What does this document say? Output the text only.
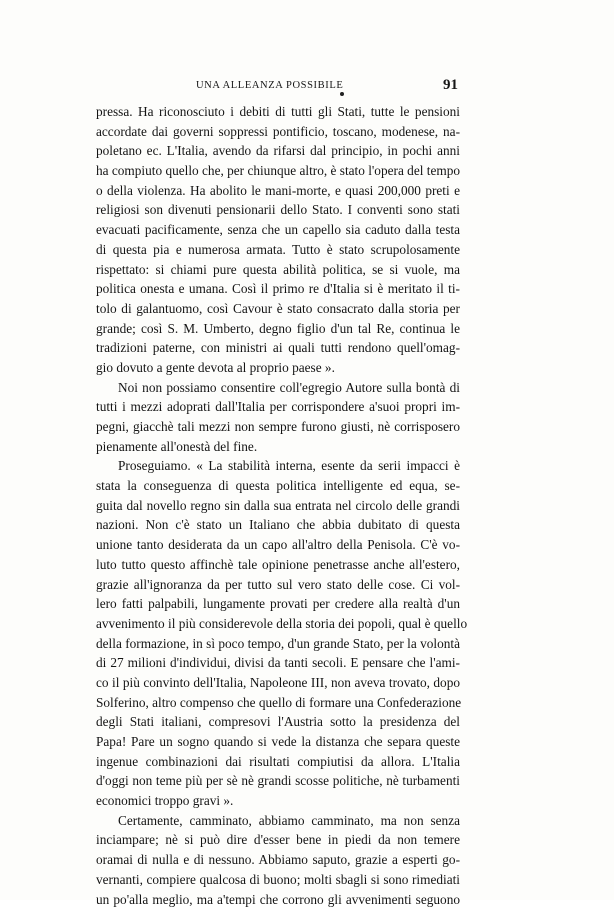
UNA ALLEANZA POSSIBILE	91
pressa. Ha riconosciuto i debiti di tutti gli Stati, tutte le pensioni
accordate dai governi soppressi pontificio, toscano, modenese, na-
poletano ec. L'Italia, avendo da rifarsi dal principio, in pochi anni
ha compiuto quello che, per chiunque altro, è stato l'opera del tempo
o della violenza. Ha abolito le mani-morte, e quasi 200,000 preti e
religiosi son divenuti pensionarii dello Stato. I conventi sono stati
evacuati pacificamente, senza che un capello sia caduto dalla testa
di questa pia e numerosa armata. Tutto è stato scrupolosamente
rispettato: si chiami pure questa abilità politica, se si vuole, ma
politica onesta e umana. Così il primo re d'Italia si è meritato il ti-
tolo di galantuomo, così Cavour è stato consacrato dalla storia per
grande; così S. M. Umberto, degno figlio d'un tal Re, continua le
tradizioni paterne, con ministri ai quali tutti rendono quell'omag-
gio dovuto a gente devota al proprio paese ».
Noi non possiamo consentire coll'egregio Autore sulla bontà di
tutti i mezzi adoprati dall'Italia per corrispondere a'suoi propri im-
pegni, giacchè tali mezzi non sempre furono giusti, nè corrisposero
pienamente all'onestà del fine.
Proseguiamo. « La stabilità interna, esente da serii impacci è
stata la conseguenza di questa politica intelligente ed equa, se-
guita dal novello regno sin dalla sua entrata nel circolo delle grandi
nazioni. Non c'è stato un Italiano che abbia dubitato di questa
unione tanto desiderata da un capo all'altro della Penisola. C'è vo-
luto tutto questo affinchè tale opinione penetrasse anche all'estero,
grazie all'ignoranza da per tutto sul vero stato delle cose. Ci vol-
lero fatti palpabili, lungamente provati per credere alla realtà d'un
avvenimento il più considerevole della storia dei popoli, qual è quello
della formazione, in sì poco tempo, d'un grande Stato, per la volontà
di 27 milioni d'individui, divisi da tanti secoli. E pensare che l'ami-
co il più convinto dell'Italia, Napoleone III, non aveva trovato, dopo
Solferino, altro compenso che quello di formare una Confederazione
degli Stati italiani, compresovi l'Austria sotto la presidenza del
Papa! Pare un sogno quando si vede la distanza che separa queste
ingenue combinazioni dai risultati compiutisi da allora. L'Italia
d'oggi non teme più per sè nè grandi scosse politiche, nè turbamenti
economici troppo gravi ».
Certamente, camminato, abbiamo camminato, ma non senza
inciampare; nè si può dire d'esser bene in piedi da non temere
oramai di nulla e di nessuno. Abbiamo saputo, grazie a esperti go-
vernanti, compiere qualcosa di buono; molti sbagli si sono rimediati
un po'alla meglio, ma a'tempi che corrono gli avvenimenti seguono
